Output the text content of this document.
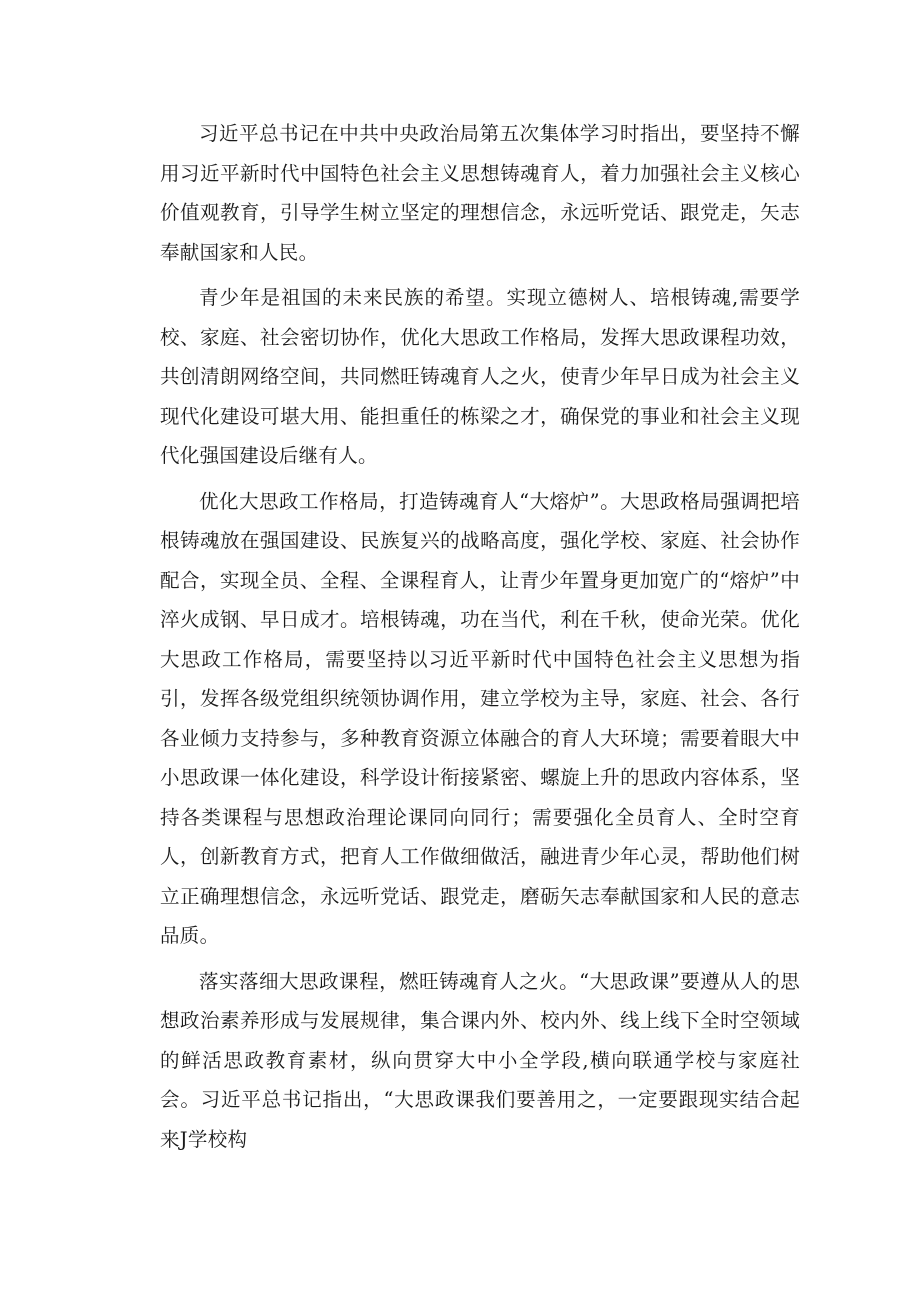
习近平总书记在中共中央政治局第五次集体学习时指出，要坚持不懈用习近平新时代中国特色社会主义思想铸魂育人，着力加强社会主义核心价值观教育，引导学生树立坚定的理想信念，永远听党话、跟党走，矢志奉献国家和人民。

青少年是祖国的未来民族的希望。实现立德树人、培根铸魂,需要学校、家庭、社会密切协作，优化大思政工作格局，发挥大思政课程功效，共创清朗网络空间，共同燃旺铸魂育人之火，使青少年早日成为社会主义现代化建设可堪大用、能担重任的栋梁之才，确保党的事业和社会主义现代化强国建设后继有人。

优化大思政工作格局，打造铸魂育人“大熔炉”。大思政格局强调把培根铸魂放在强国建设、民族复兴的战略高度，强化学校、家庭、社会协作配合，实现全员、全程、全课程育人，让青少年置身更加宽广的“熔炉”中淬火成钢、早日成才。培根铸魂，功在当代，利在千秋，使命光荣。优化大思政工作格局，需要坚持以习近平新时代中国特色社会主义思想为指引，发挥各级党组织统领协调作用，建立学校为主导，家庭、社会、各行各业倾力支持参与，多种教育资源立体融合的育人大环境；需要着眼大中小思政课一体化建设，科学设计衔接紧密、螺旋上升的思政内容体系，坚持各类课程与思想政治理论课同向同行；需要强化全员育人、全时空育人，创新教育方式，把育人工作做细做活，融进青少年心灵，帮助他们树立正确理想信念，永远听党话、跟党走，磨砺矢志奉献国家和人民的意志品质。

落实落细大思政课程，燃旺铸魂育人之火。“大思政课”要遵从人的思想政治素养形成与发展规律，集合课内外、校内外、线上线下全时空领域的鲜活思政教育素材，纵向贯穿大中小全学段,横向联通学校与家庭社会。习近平总书记指出，“大思政课我们要善用之，一定要跟现实结合起来J学校构
